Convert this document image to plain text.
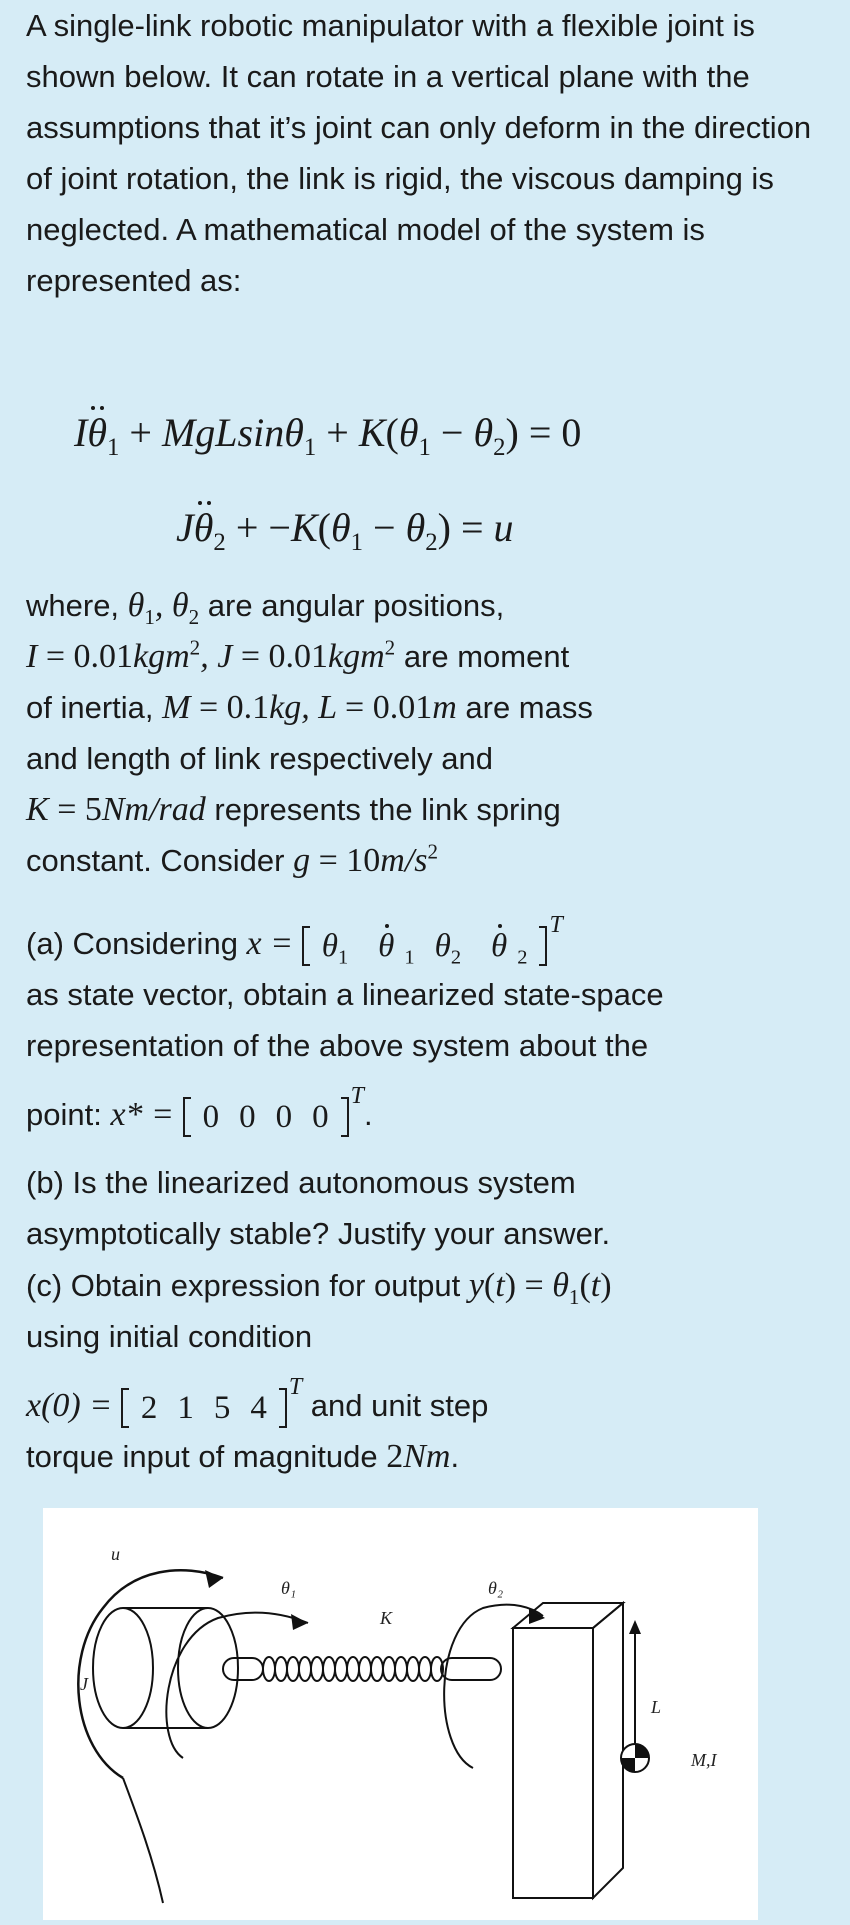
A single-link robotic manipulator with a flexible joint is shown below. It can rotate in a vertical plane with the assumptions that it’s joint can only deform in the direction of joint rotation, the link is rigid, the viscous damping is neglected. A mathematical model of the system is represented as:

$I\theta_1 + MgLsin\theta_1 + K(\theta_1 - \theta_2) = 0$
$J\theta_2 + -K(\theta_1 - \theta_2) = u$

where, $\theta_1$, $\theta_2$ are angular positions,
I = 0.01kgm$^2$, J = 0.01kgm$^2$ are moment
of inertia, M = 0.1kg, L = 0.01m are mass
and length of link respectively and
K = 5Nm/rad represents the link spring
constant. Consider $g = 10m/s^2$

(a) Considering $x = \theta_1$ θ $_1$ $\theta_2$ θ $_2^T$
as state vector, obtain a linearized state-space
representation of the above system about the
point: x* = 0 0 0 $0^T$.

(b) Is the linearized autonomous system
asymptotically stable? Justify your answer.

(c) Obtain expression for output $y(t) = \theta_1(t)$
using initial condition
x(0) = 2 1 5 $4^T$ and unit step
torque input of magnitude 2Nm.

u
θ₁
K
θ₂
J
L
M,I
